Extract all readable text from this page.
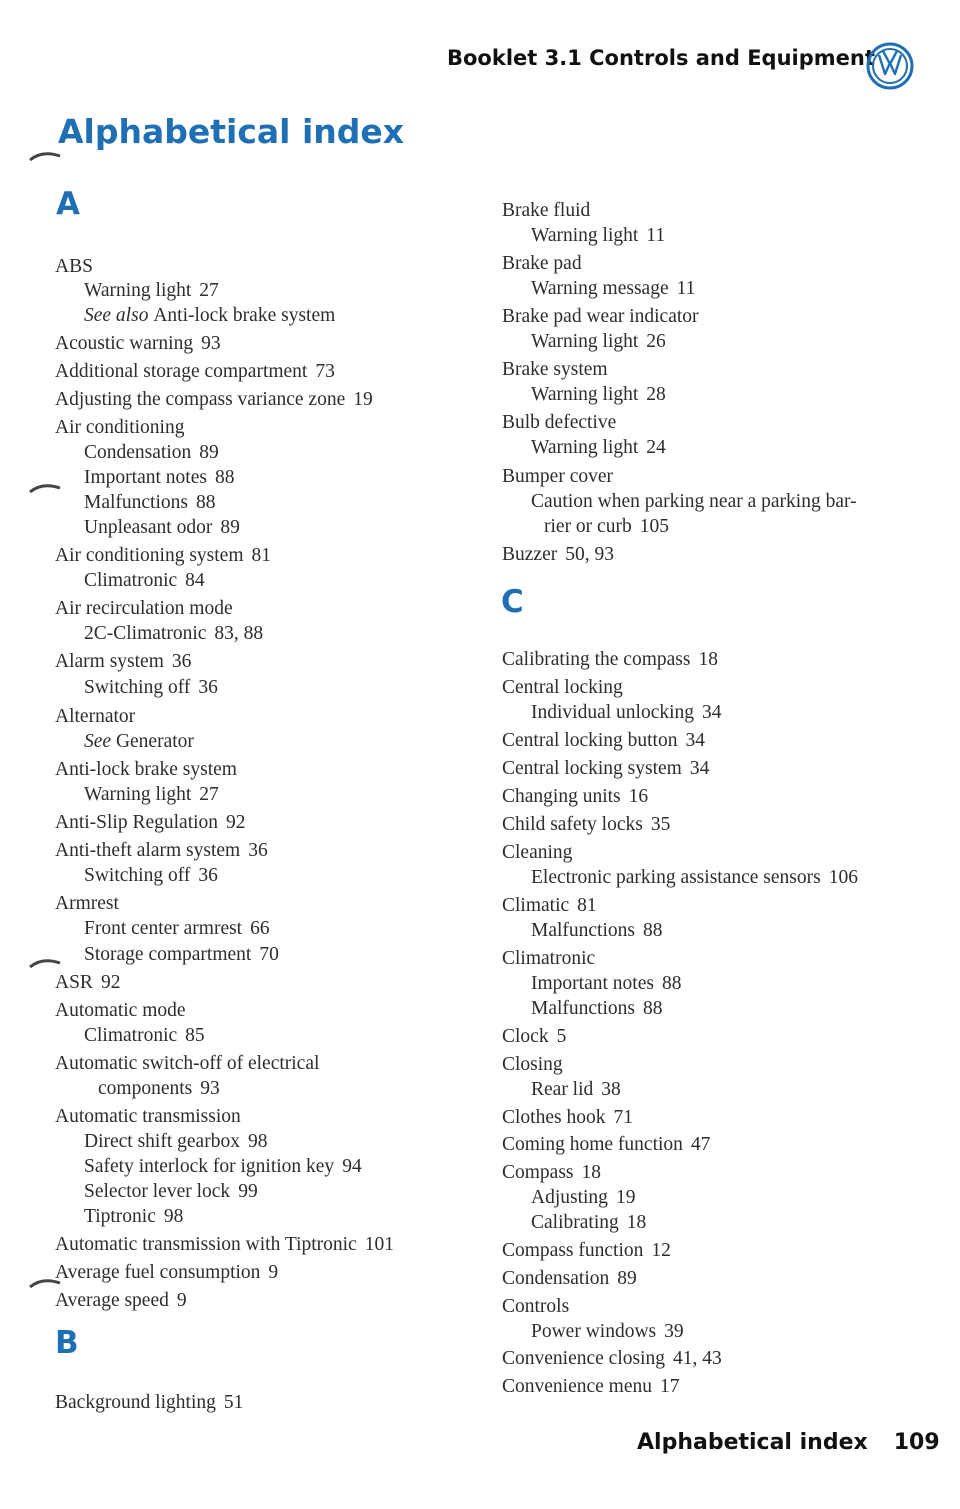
Booklet 3.1 Controls and Equipment
Alphabetical index
A
B
C
ABS
Warning light 27
See also Anti-lock brake system
Acoustic warning 93
Additional storage compartment 73
Adjusting the compass variance zone 19
Air conditioning
Condensation 89
Important notes 88
Malfunctions 88
Unpleasant odor 89
Air conditioning system 81
Climatronic 84
Air recirculation mode
2C-Climatronic 83, 88
Alarm system 36
Switching off 36
Alternator
See Generator
Anti-lock brake system
Warning light 27
Anti-Slip Regulation 92
Anti-theft alarm system 36
Switching off 36
Armrest
Front center armrest 66
Storage compartment 70
ASR 92
Automatic mode
Climatronic 85
Automatic switch-off of electrical
components 93
Automatic transmission
Direct shift gearbox 98
Safety interlock for ignition key 94
Selector lever lock 99
Tiptronic 98
Automatic transmission with Tiptronic 101
Average fuel consumption 9
Average speed 9
Background lighting 51
Brake fluid
Warning light 11
Brake pad
Warning message 11
Brake pad wear indicator
Warning light 26
Brake system
Warning light 28
Bulb defective
Warning light 24
Bumper cover
Caution when parking near a parking bar-
rier or curb 105
Buzzer 50, 93
Calibrating the compass 18
Central locking
Individual unlocking 34
Central locking button 34
Central locking system 34
Changing units 16
Child safety locks 35
Cleaning
Electronic parking assistance sensors 106
Climatic 81
Malfunctions 88
Climatronic
Important notes 88
Malfunctions 88
Clock 5
Closing
Rear lid 38
Clothes hook 71
Coming home function 47
Compass 18
Adjusting 19
Calibrating 18
Compass function 12
Condensation 89
Controls
Power windows 39
Convenience closing 41, 43
Convenience menu 17
Alphabetical index 109
